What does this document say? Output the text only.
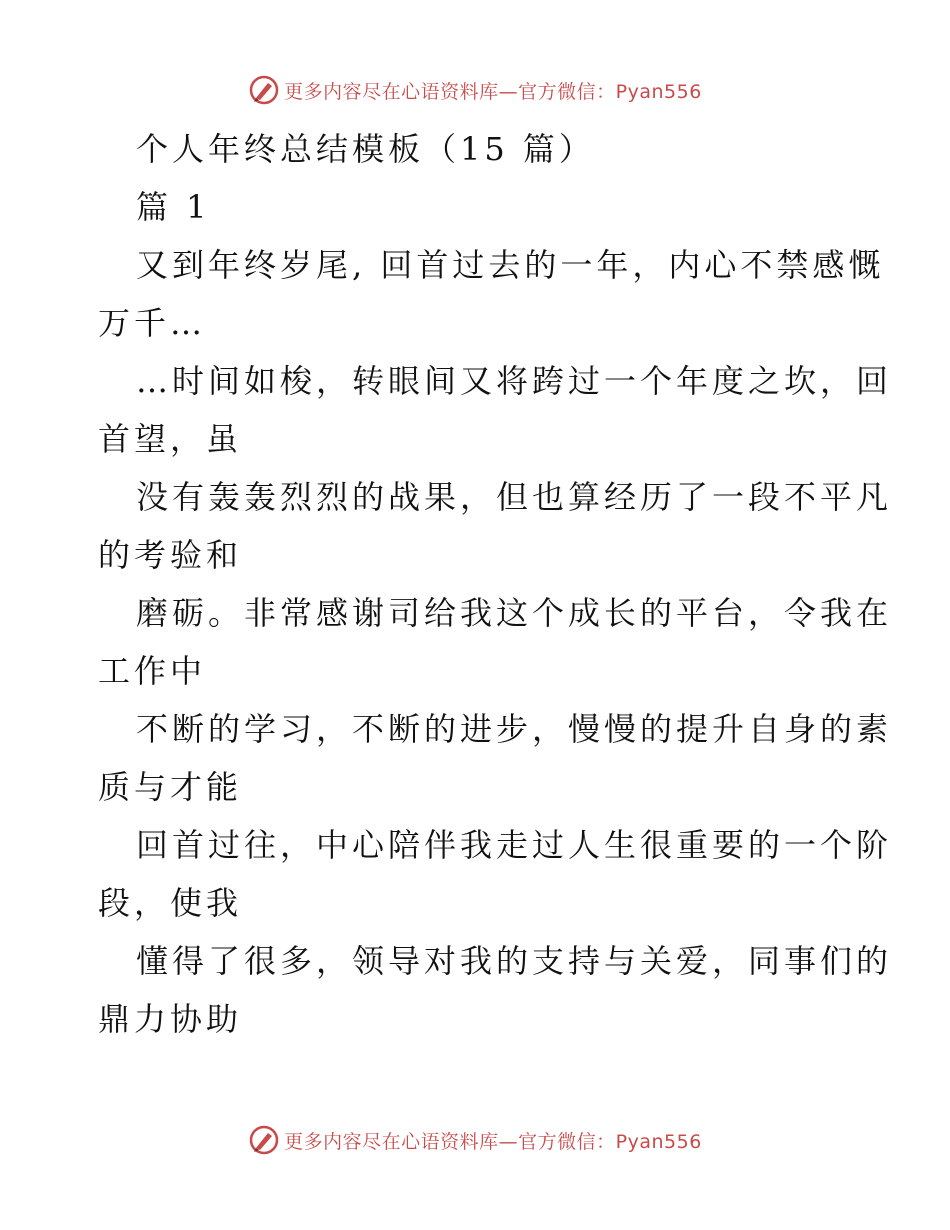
更多内容尽在心语资料库—官方微信：Pyan556
个人年终总结模板（15 篇）
篇 1
又到年终岁尾, 回首过去的一年，内心不禁感慨
万千…
…时间如梭，转眼间又将跨过一个年度之坎，回
首望，虽
没有轰轰烈烈的战果，但也算经历了一段不平凡
的考验和
磨砺。非常感谢司给我这个成长的平台，令我在
工作中
不断的学习，不断的进步，慢慢的提升自身的素
质与才能
回首过往，中心陪伴我走过人生很重要的一个阶
段，使我
懂得了很多，领导对我的支持与关爱，同事们的
鼎力协助
更多内容尽在心语资料库—官方微信：Pyan556
